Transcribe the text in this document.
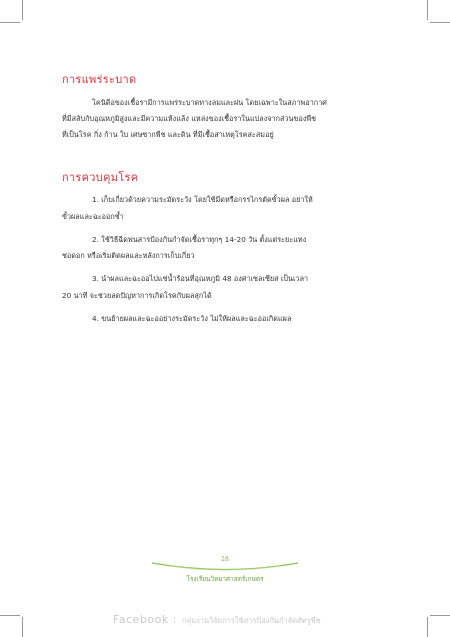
การแพร่ระบาด
โคนิดีอของเชื้อรามีการแพร่ระบาดทางลมและฝน โดยเฉพาะในสภาพอากาศ
ที่มีสลับกับอุณหภูมิสูงและมีความแห้งแล้ง แหล่งของเชื้อราในแปลงจากส่วนของพืช
ที่เป็นโรค กิ่ง ก้าน ใบ เศษซากพืช และดิน ที่มีเชื้อสาเหตุโรคสะสมอยู่
การควบคุมโรค
1. เก็บเกี่ยวด้วยความระมัดระวัง โดยใช้มีดหรือกรรไกรตัดขั้วผล อย่าให้
ขั้วผลและฉะออกช้ำ
2. ใช้วิธีฉีดพ่นสารป้องกันกำจัดเชื้อราทุกๆ 14-20 วัน ตั้งแต่ระยะแทง
ช่อดอก หรือเริ่มติดผลและหลังการเก็บเกี่ยว
3. นำผลและฉะออไปแช่น้ำร้อนที่อุณหภูมิ 48 องศาเซลเซียส เป็นเวลา
20 นาที จะช่วยลดปัญหาการเกิดโรคกับผลสุกได้
4. ขนย้ายผลและฉะออย่างระมัดระวัง ไม่ให้ผลและฉะออเกิดแผล
28
โรงเรียนวิทยาศาสตร์เกษตร
Facebook : กลุ่มงานวิจัยการใช้สารป้องกันกำจัดศัตรูพืช
